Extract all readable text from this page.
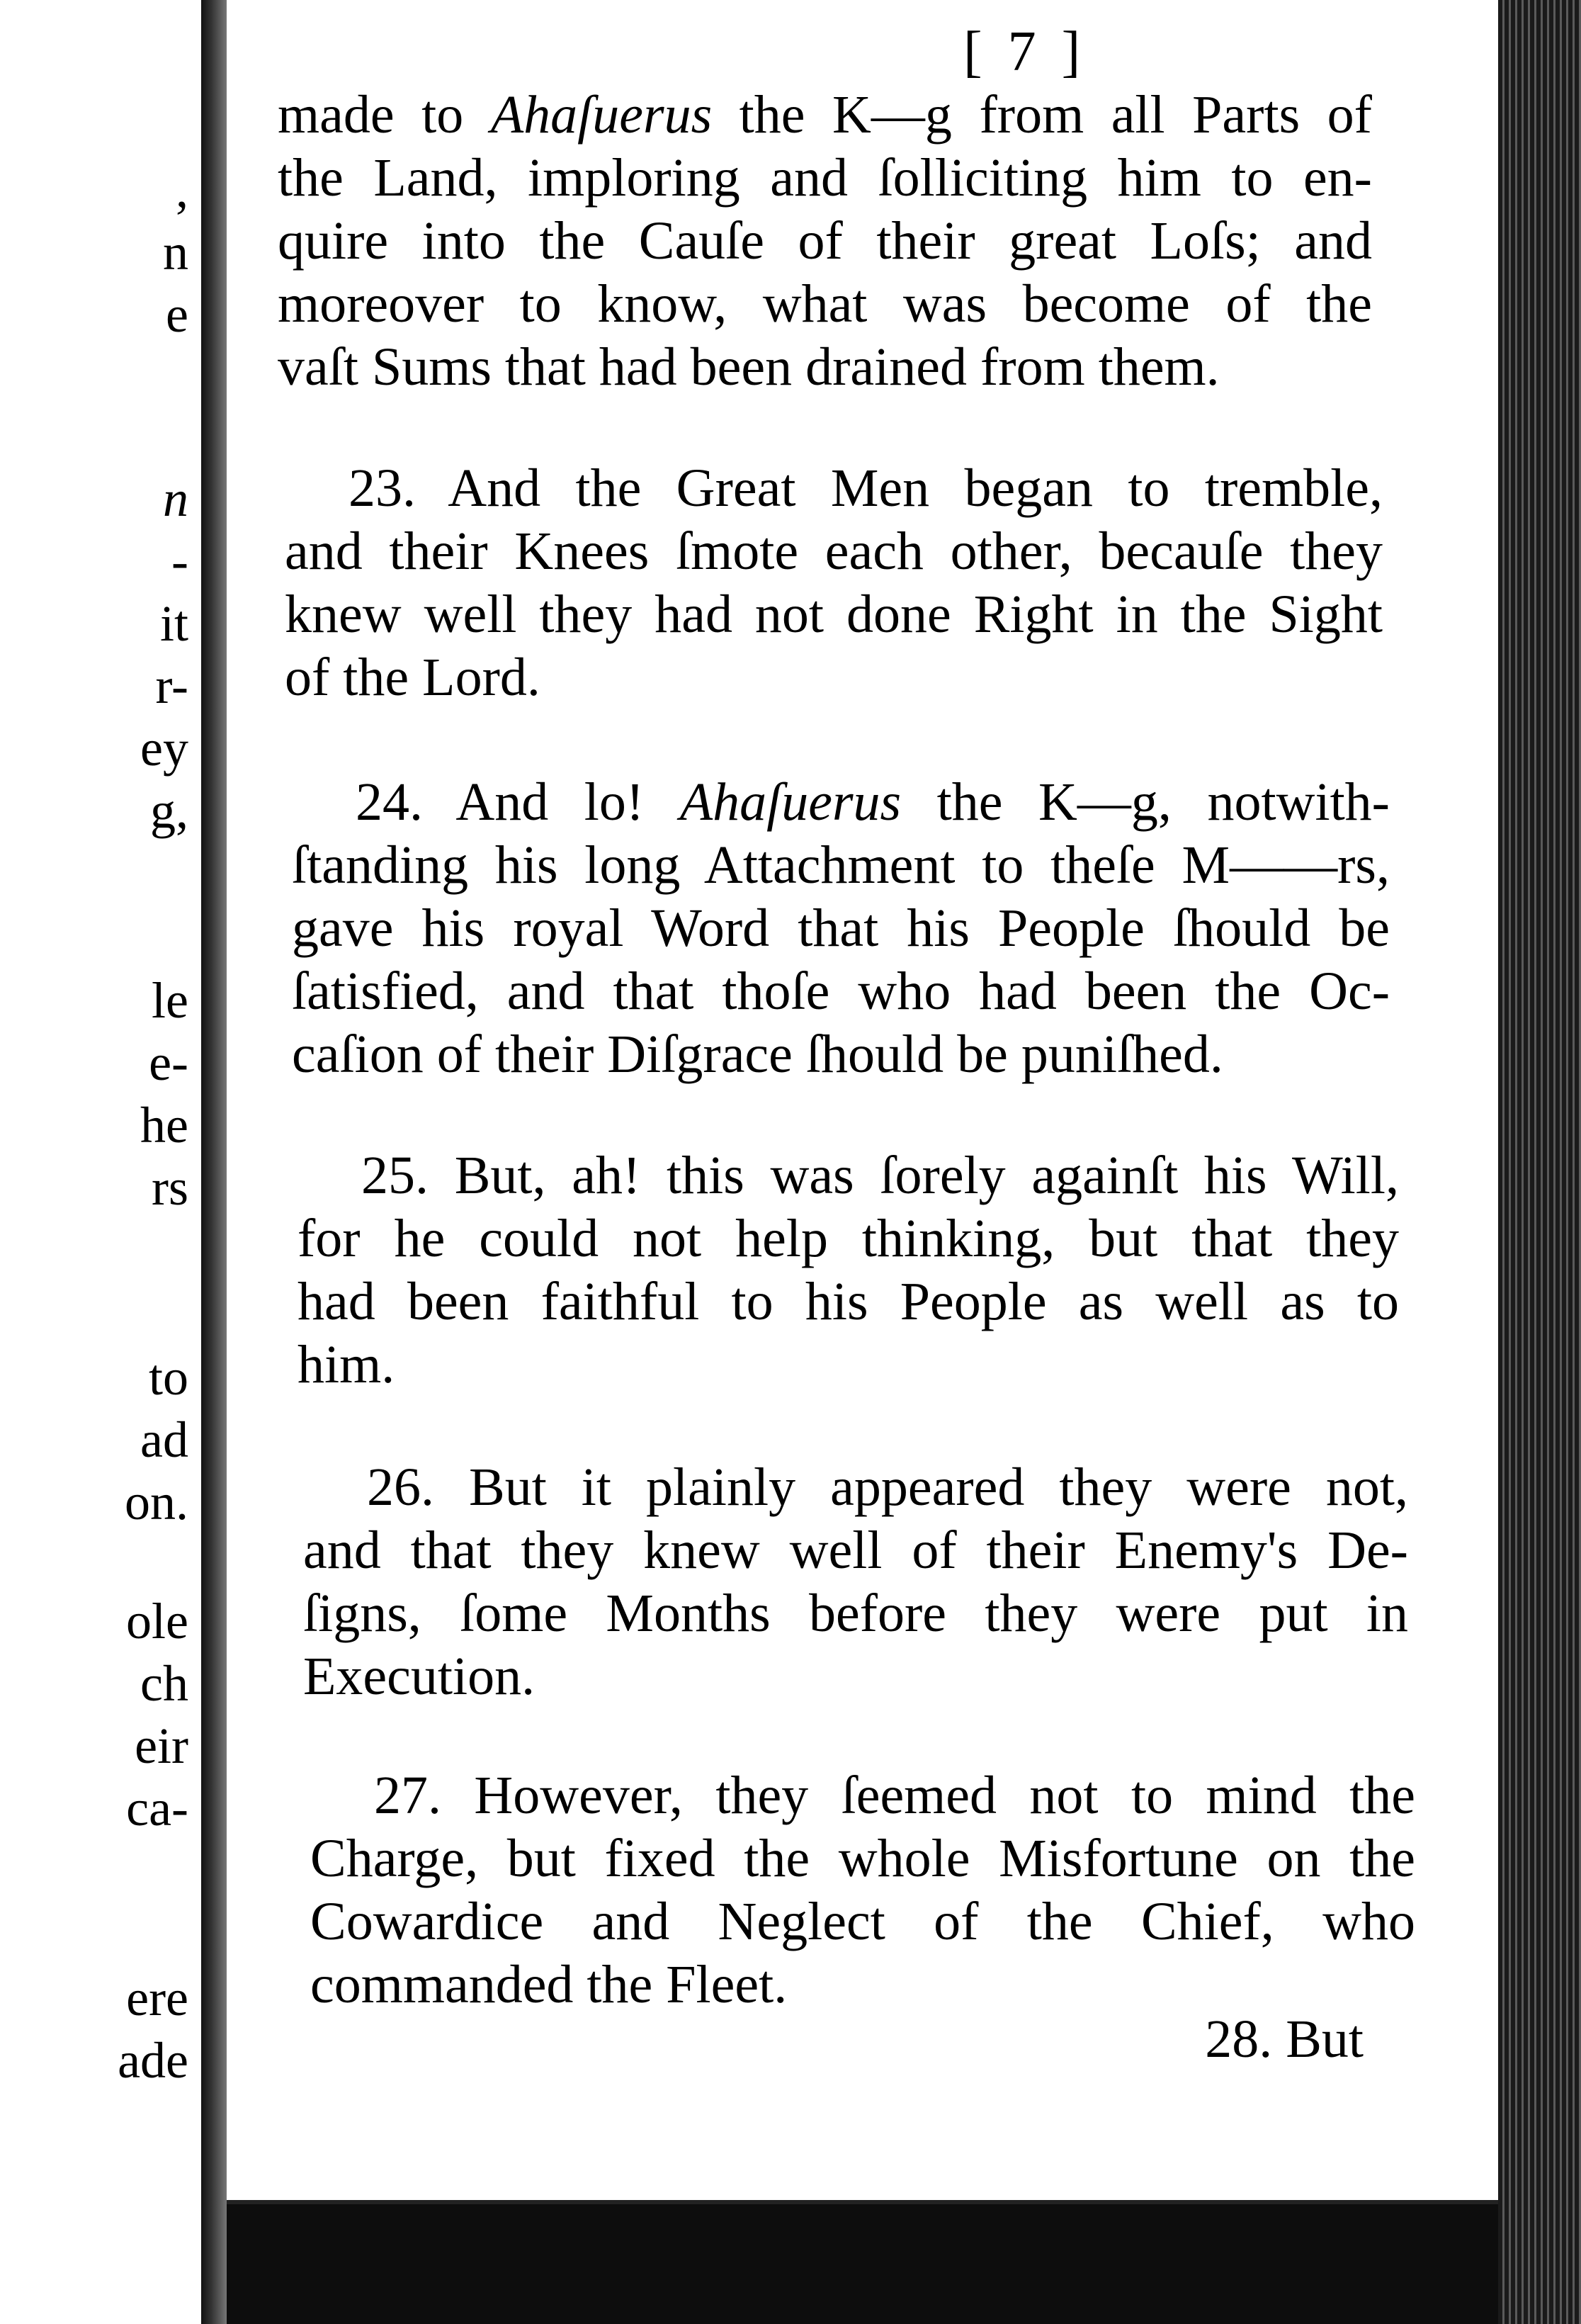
,
n
e
n
-
it
r-
ey
g,
le
e-
he
rs
to
ad
on.
ole
ch
eir
ca-
ere
ade
[ 7 ]
made to Ahaſuerus the K—g from all Parts of
the Land, imploring and ſolliciting him to en-
quire into the Cauſe of their great Loſs; and
moreover to know, what was become of the
vaſt Sums that had been drained from them.
23. And the Great Men began to tremble,
and their Knees ſmote each other, becauſe they
knew well they had not done Right in the Sight
of the Lord.
24. And lo! Ahaſuerus the K—g, notwith-
ſtanding his long Attachment to theſe M——rs,
gave his royal Word that his People ſhould be
ſatisfied, and that thoſe who had been the Oc-
caſion of their Diſgrace ſhould be puniſhed.
25. But, ah! this was ſorely againſt his Will,
for he could not help thinking, but that they
had been faithful to his People as well as to
him.
26. But it plainly appeared they were not,
and that they knew well of their Enemy's De-
ſigns, ſome Months before they were put in
Execution.
27. However, they ſeemed not to mind the
Charge, but fixed the whole Misfortune on the
Cowardice and Neglect of the Chief, who
commanded the Fleet.
28. But
